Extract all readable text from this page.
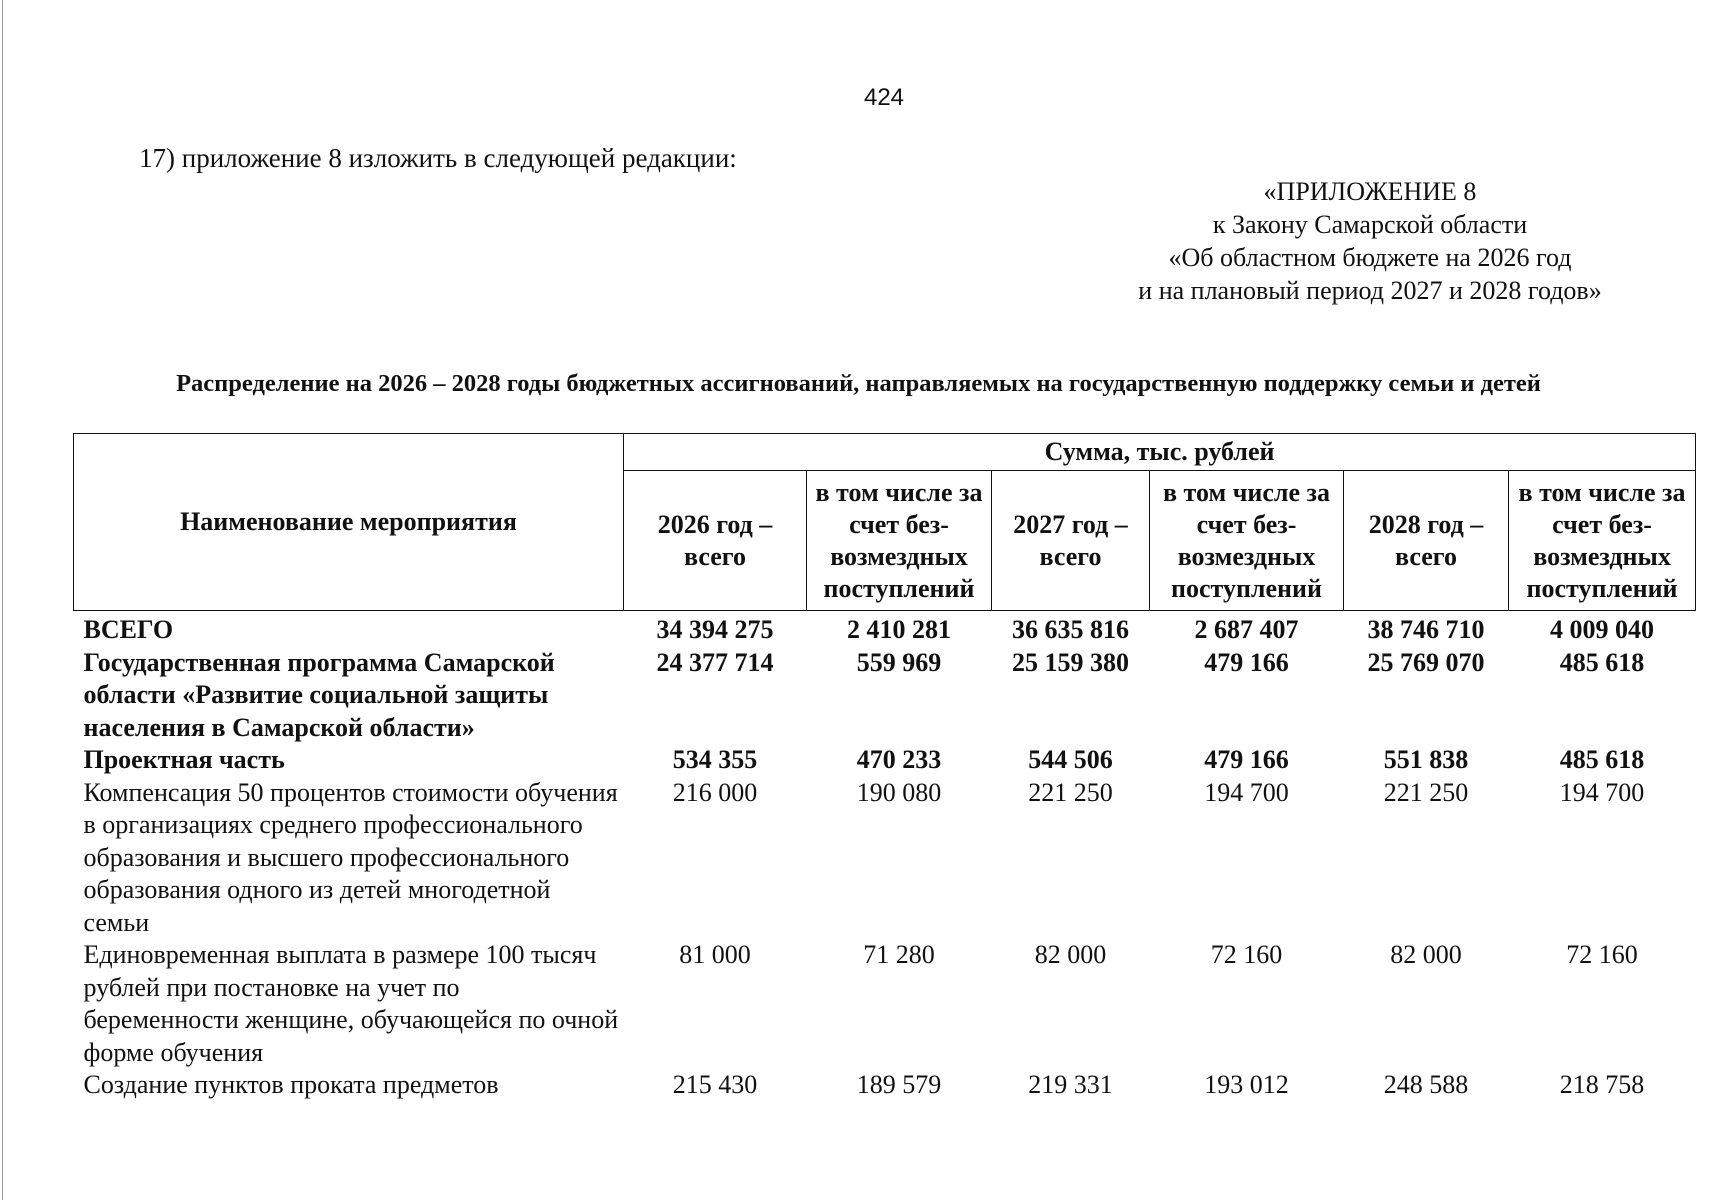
424
17) приложение 8 изложить в следующей редакции:
«ПРИЛОЖЕНИЕ 8
к Закону Самарской области
«Об областном бюджете на 2026 год
и на плановый период 2027 и 2028 годов»
Распределение на 2026 – 2028 годы бюджетных ассигнований, направляемых на государственную поддержку семьи и детей
Наименование мероприятия	Сумма, тыс. рублей					
	2026 год – всего	в том числе за счет без-возмездных поступлений	2027 год – всего	в том числе за счет без-возмездных поступлений	2028 год – всего	в том числе за счет без-возмездных поступлений
ВСЕГО	34 394 275	2 410 281	36 635 816	2 687 407	38 746 710	4 009 040
Государственная программа Самарской области «Развитие социальной защиты населения в Самарской области»	24 377 714	559 969	25 159 380	479 166	25 769 070	485 618
Проектная часть	534 355	470 233	544 506	479 166	551 838	485 618
Компенсация 50 процентов стоимости обучения в организациях среднего профессионального образования и высшего профессионального образования одного из детей многодетной семьи	216 000	190 080	221 250	194 700	221 250	194 700
Единовременная выплата в размере 100 тысяч рублей при постановке на учет по беременности женщине, обучающейся по очной форме обучения	81 000	71 280	82 000	72 160	82 000	72 160
Создание пунктов проката предметов	215 430	189 579	219 331	193 012	248 588	218 758
